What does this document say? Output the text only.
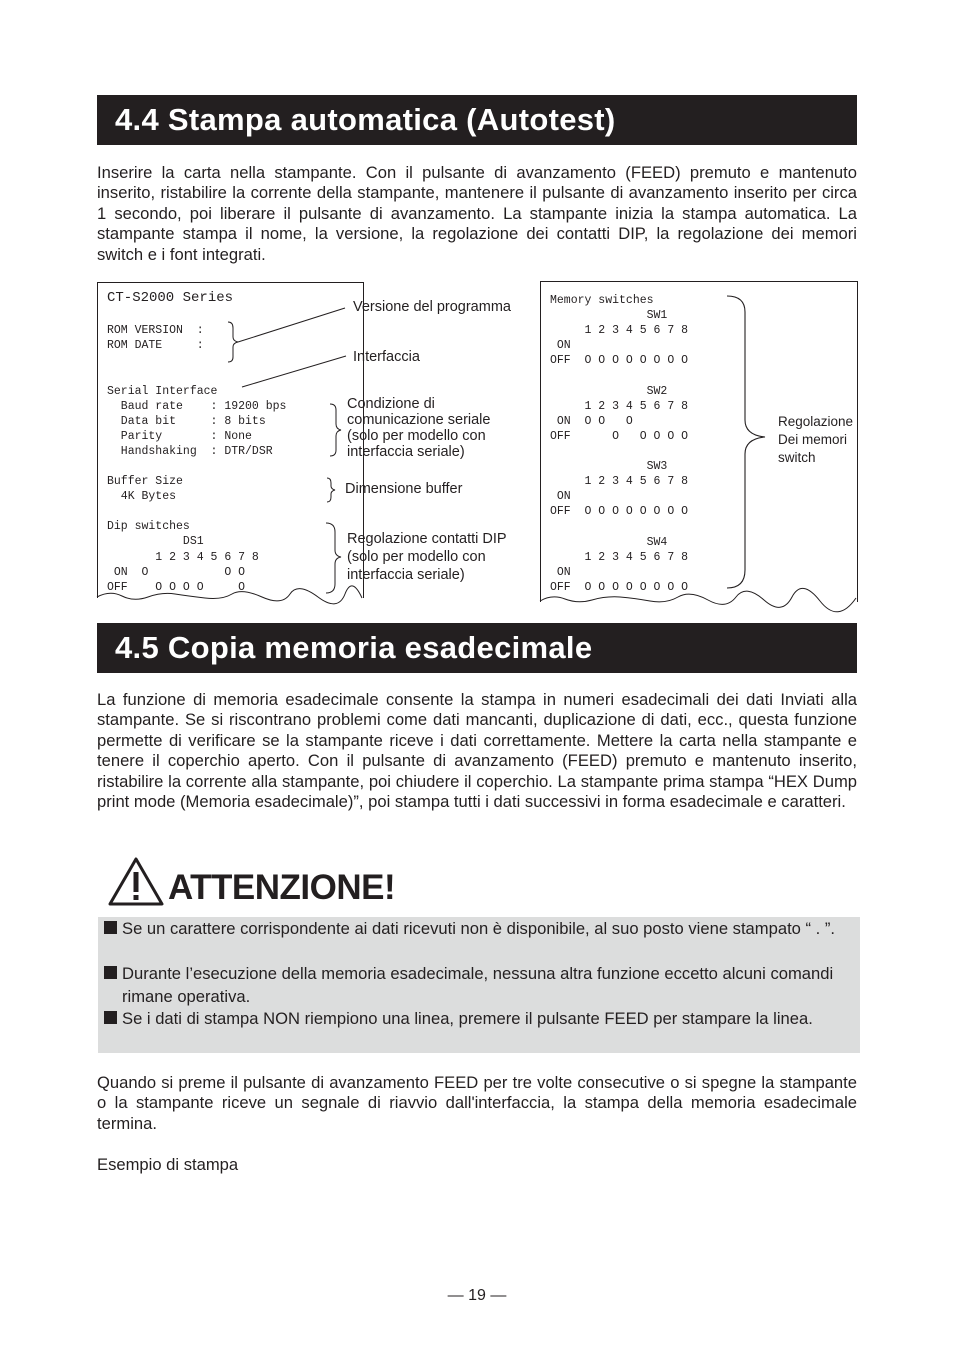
4.4 Stampa automatica (Autotest)

Inserire la carta nella stampante. Con il pulsante di avanzamento (FEED) premuto e mantenuto inserito, ristabilire la corrente della stampante, mantenere il pulsante di avanzamento inserito per circa 1 secondo, poi liberare il pulsante di avanzamento. La stampante inizia la stampa automatica. La stampante stampa il nome, la versione, la regolazione dei contatti DIP, la regolazione dei memori switch e i font integrati.

CT-S2000 Series
ROM VERSION  :
ROM DATE     :
Serial Interface
Baud rate    : 19200 bps
Data bit     : 8 bits
Parity       : None
Handshaking  : DTR/DSR
Buffer Size
4K Bytes
Dip switches
DS1
1 2 3 4 5 6 7 8
ON  O           O O
OFF    O O O O     O
Memory switches
SW1
1 2 3 4 5 6 7 8
ON
OFF  O O O O O O O O
SW2
1 2 3 4 5 6 7 8
ON  O O   O
OFF      O   O O O O
SW3
1 2 3 4 5 6 7 8
ON
OFF  O O O O O O O O
SW4
1 2 3 4 5 6 7 8
ON
OFF  O O O O O O O O
Versione del programma
Interfaccia
Condizione di
comunicazione seriale
(solo per modello con
interfaccia seriale)
Dimensione buffer
Regolazione contatti DIP
(solo per modello con
interfaccia seriale)
Regolazione
Dei memori
switch
4.5 Copia memoria esadecimale

La funzione di memoria esadecimale consente la stampa in numeri esadecimali dei dati Inviati alla stampante. Se si riscontrano problemi come dati mancanti, duplicazione di dati, ecc., questa funzione permette di verificare se la stampante riceve i dati correttamente. Mettere la carta nella stampante e tenere il coperchio aperto. Con il pulsante di avanzamento (FEED) premuto e mantenuto inserito, ristabilire la corrente alla stampante, poi chiudere il coperchio. La stampante prima stampa “HEX Dump print mode (Memoria esadecimale)”, poi stampa tutti i dati successivi in forma esadecimale e caratteri.

ATTENZIONE!
Se un carattere corrispondente ai dati ricevuti non è disponibile, al suo posto viene stampato “ . ”.
Durante l’esecuzione della memoria esadecimale, nessuna altra funzione eccetto alcuni comandi rimane operativa.
Se i dati di stampa NON riempiono una linea, premere il pulsante FEED per stampare la linea.

Quando si preme il pulsante di avanzamento FEED per tre volte consecutive o si spegne la stampante o la stampante riceve un segnale di riavvio dall'interfaccia, la stampa della memoria esadecimale termina.

Esempio di stampa

— 19 —
